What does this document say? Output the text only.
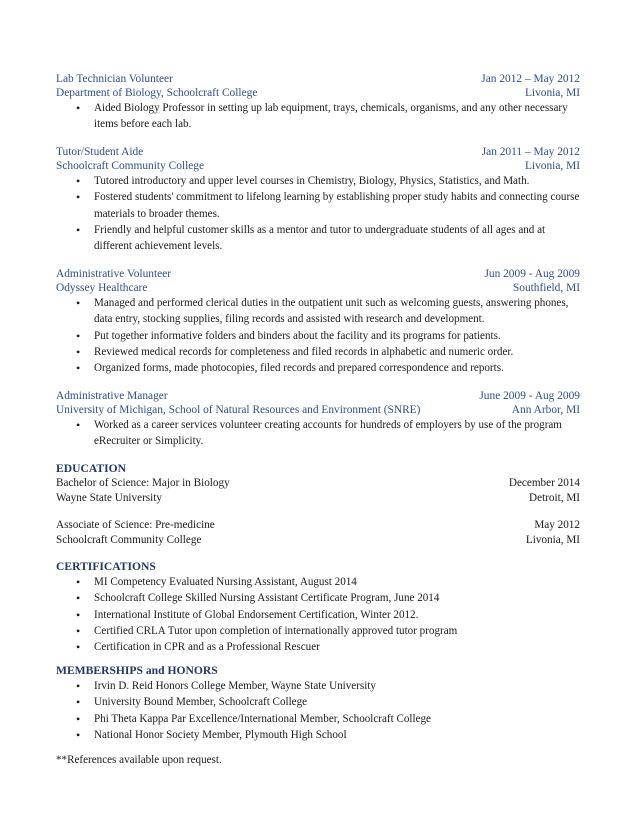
Lab Technician Volunteer	Jan 2012 – May 2012
Department of Biology, Schoolcraft College	Livonia, MI
• Aided Biology Professor in setting up lab equipment, trays, chemicals, organisms, and any other necessary items before each lab.
Tutor/Student Aide	Jan 2011 – May 2012
Schoolcraft Community College	Livonia, MI
• Tutored introductory and upper level courses in Chemistry, Biology, Physics, Statistics, and Math.
• Fostered students' commitment to lifelong learning by establishing proper study habits and connecting course materials to broader themes.
• Friendly and helpful customer skills as a mentor and tutor to undergraduate students of all ages and at different achievement levels.
Administrative Volunteer	Jun 2009 - Aug 2009
Odyssey Healthcare	Southfield, MI
• Managed and performed clerical duties in the outpatient unit such as welcoming guests, answering phones, data entry, stocking supplies, filing records and assisted with research and development.
• Put together informative folders and binders about the facility and its programs for patients.
• Reviewed medical records for completeness and filed records in alphabetic and numeric order.
• Organized forms, made photocopies, filed records and prepared correspondence and reports.
Administrative Manager	June 2009 - Aug 2009
University of Michigan, School of Natural Resources and Environment (SNRE)	Ann Arbor, MI
• Worked as a career services volunteer creating accounts for hundreds of employers by use of the program eRecruiter or Simplicity.
EDUCATION
Bachelor of Science: Major in Biology	December 2014
Wayne State University	Detroit, MI
Associate of Science: Pre-medicine	May 2012
Schoolcraft Community College	Livonia, MI
CERTIFICATIONS
• MI Competency Evaluated Nursing Assistant, August 2014
• Schoolcraft College Skilled Nursing Assistant Certificate Program, June 2014
• International Institute of Global Endorsement Certification, Winter 2012.
• Certified CRLA Tutor upon completion of internationally approved tutor program
• Certification in CPR and as a Professional Rescuer
MEMBERSHIPS and HONORS
• Irvin D. Reid Honors College Member, Wayne State University
• University Bound Member, Schoolcraft College
• Phi Theta Kappa Par Excellence/International Member, Schoolcraft College
• National Honor Society Member, Plymouth High School
**References available upon request.
